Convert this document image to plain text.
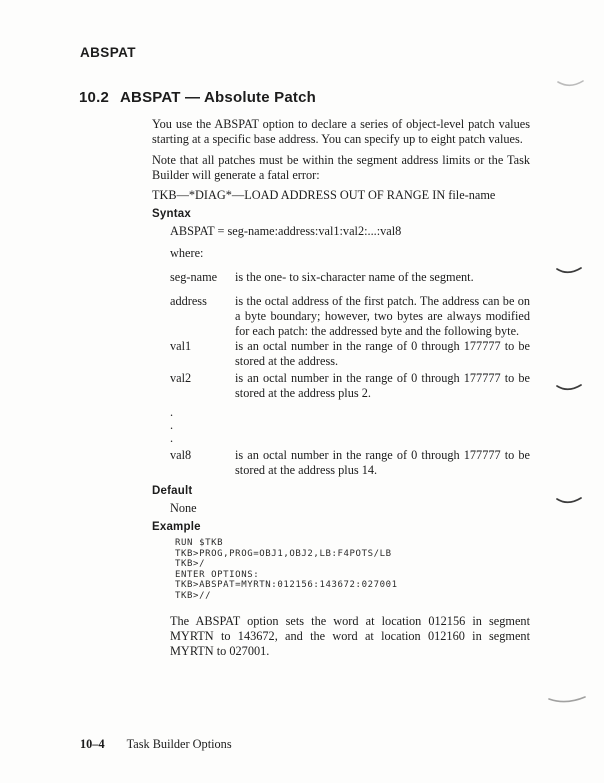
ABSPAT
10.2 ABSPAT — Absolute Patch
You use the ABSPAT option to declare a series of object-level patch values starting at a specific base address. You can specify up to eight patch values.
Note that all patches must be within the segment address limits or the Task Builder will generate a fatal error:
TKB—*DIAG*—LOAD ADDRESS OUT OF RANGE IN file-name
Syntax
ABSPAT = seg-name:address:val1:val2:...:val8
where:
seg-name	is the one- to six-character name of the segment.
address	is the octal address of the first patch. The address can be on a byte boundary; however, two bytes are always modified for each patch: the addressed byte and the following byte.
val1	is an octal number in the range of 0 through 177777 to be stored at the address.
val2	is an octal number in the range of 0 through 177777 to be stored at the address plus 2.
.
.
.
val8	is an octal number in the range of 0 through 177777 to be stored at the address plus 14.
Default
None
Example
RUN $TKB
TKB>PROG,PROG=OBJ1,OBJ2,LB:F4POTS/LB
TKB>/
ENTER OPTIONS:
TKB>ABSPAT=MYRTN:012156:143672:027001
TKB>//
The ABSPAT option sets the word at location 012156 in segment MYRTN to 143672, and the word at location 012160 in segment MYRTN to 027001.
10–4 Task Builder Options
